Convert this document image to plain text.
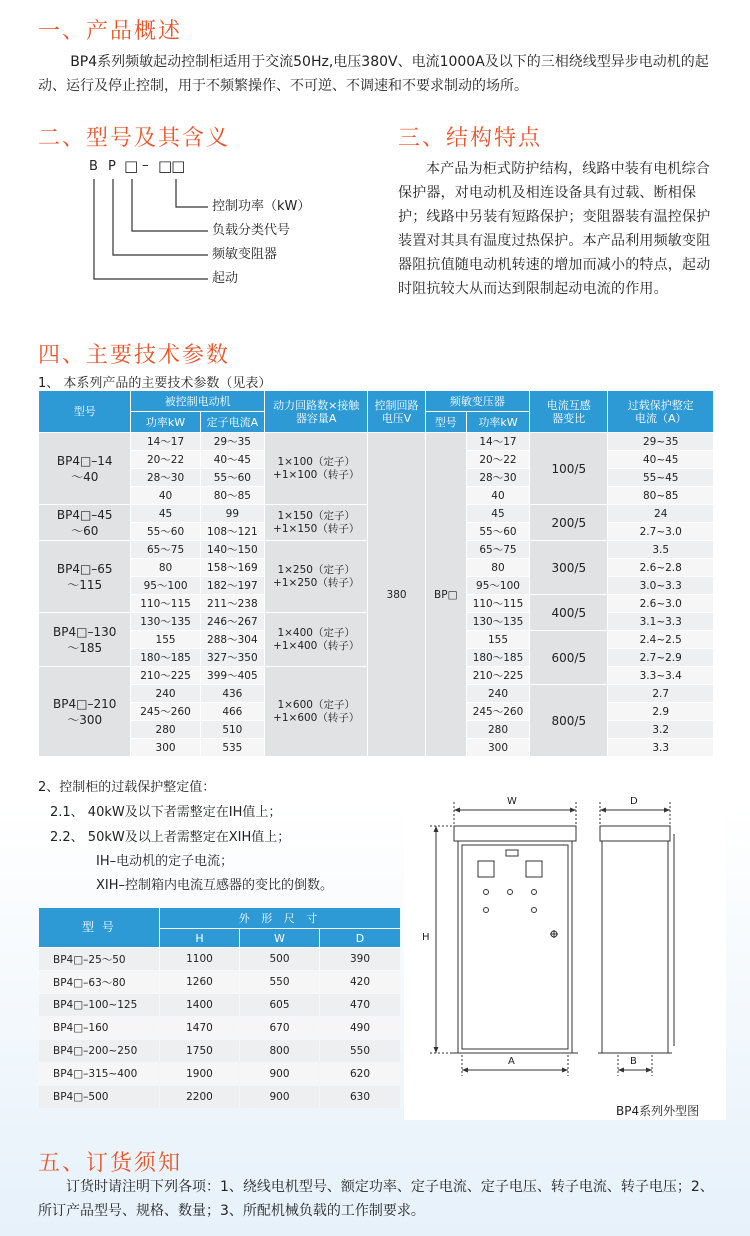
一、产品概述
BP4系列频敏起动控制柜适用于交流50Hz,电压380V、电流1000A及以下的三相绕线型异步电动机的起动、运行及停止控制，用于不频繁操作、不可逆、不调速和不要求制动的场所。
二、型号及其含义
B P □ – □□
控制功率（kW）
负载分类代号
频敏变阻器
起动
三、结构特点
本产品为柜式防护结构，线路中装有电机综合保护器，对电动机及相连设备具有过载、断相保护；线路中另装有短路保护；变阻器装有温控保护装置对其具有温度过热保护。本产品利用频敏变阻器阻抗值随电动机转速的增加而减小的特点，起动时阻抗较大从而达到限制起动电流的作用。
四、主要技术参数
1、 本系列产品的主要技术参数（见表）
型号	被控制电动机		动力回路数×接触器容量A	控制回路电压V	频敏变压器		电流互感器变比	过载保护整定电流（A）
	功率kW	定子电流A			型号	功率kW		
BP4□–14～40	14～17	29～35	1×100（定子）+1×100（转子）	380	BP□	14～17	100/5	29~35
	20～22	40～45				20～22		40~45
	28～30	55～60				28～30		55~45
	40	80～85				40		80~85
BP4□–45～60	45	99	1×150（定子）+1×150（转子）			45	200/5	24
	55～60	108～121				55～60		2.7~3.0
BP4□–65～115	65～75	140～150	1×250（定子）+1×250（转子）			65～75	300/5	3.5
	80	158～169				80		2.6~2.8
	95～100	182～197				95～100		3.0~3.3
	110～115	211～238				110～115	400/5	2.6~3.0
BP4□–130～185	130～135	246～267	1×400（定子）+1×400（转子）			130～135		3.1~3.3
	155	288～304				155	600/5	2.4~2.5
	180～185	327～350				180～185		2.7~2.9
BP4□–210～300	210～225	399～405	1×600（定子）+1×600（转子）			210～225		3.3~3.4
	240	436				240	800/5	2.7
	245～260	466				245～260		2.9
	280	510				280		3.2
	300	535				300		3.3
2、控制柜的过载保护整定值：
2.1、 40kW及以下者需整定在IH值上；
2.2、 50kW及以上者需整定在XIH值上；
IH–电动机的定子电流；
XIH–控制箱内电流互感器的变比的倒数。
型 号	外 形 尺 寸		
	H	W	D
BP4□–25～50	1100	500	390
BP4□–63～80	1260	550	420
BP4□–100~125	1400	605	470
BP4□–160	1470	670	490
BP4□–200~250	1750	800	550
BP4□–315~400	1900	900	620
BP4□–500	2200	900	630
W
H
A
D
B
BP4系列外型图
五、订货须知
订货时请注明下列各项：1、绕线电机型号、额定功率、定子电流、定子电压、转子电流、转子电压；2、所订产品型号、规格、数量；3、所配机械负载的工作制要求。
